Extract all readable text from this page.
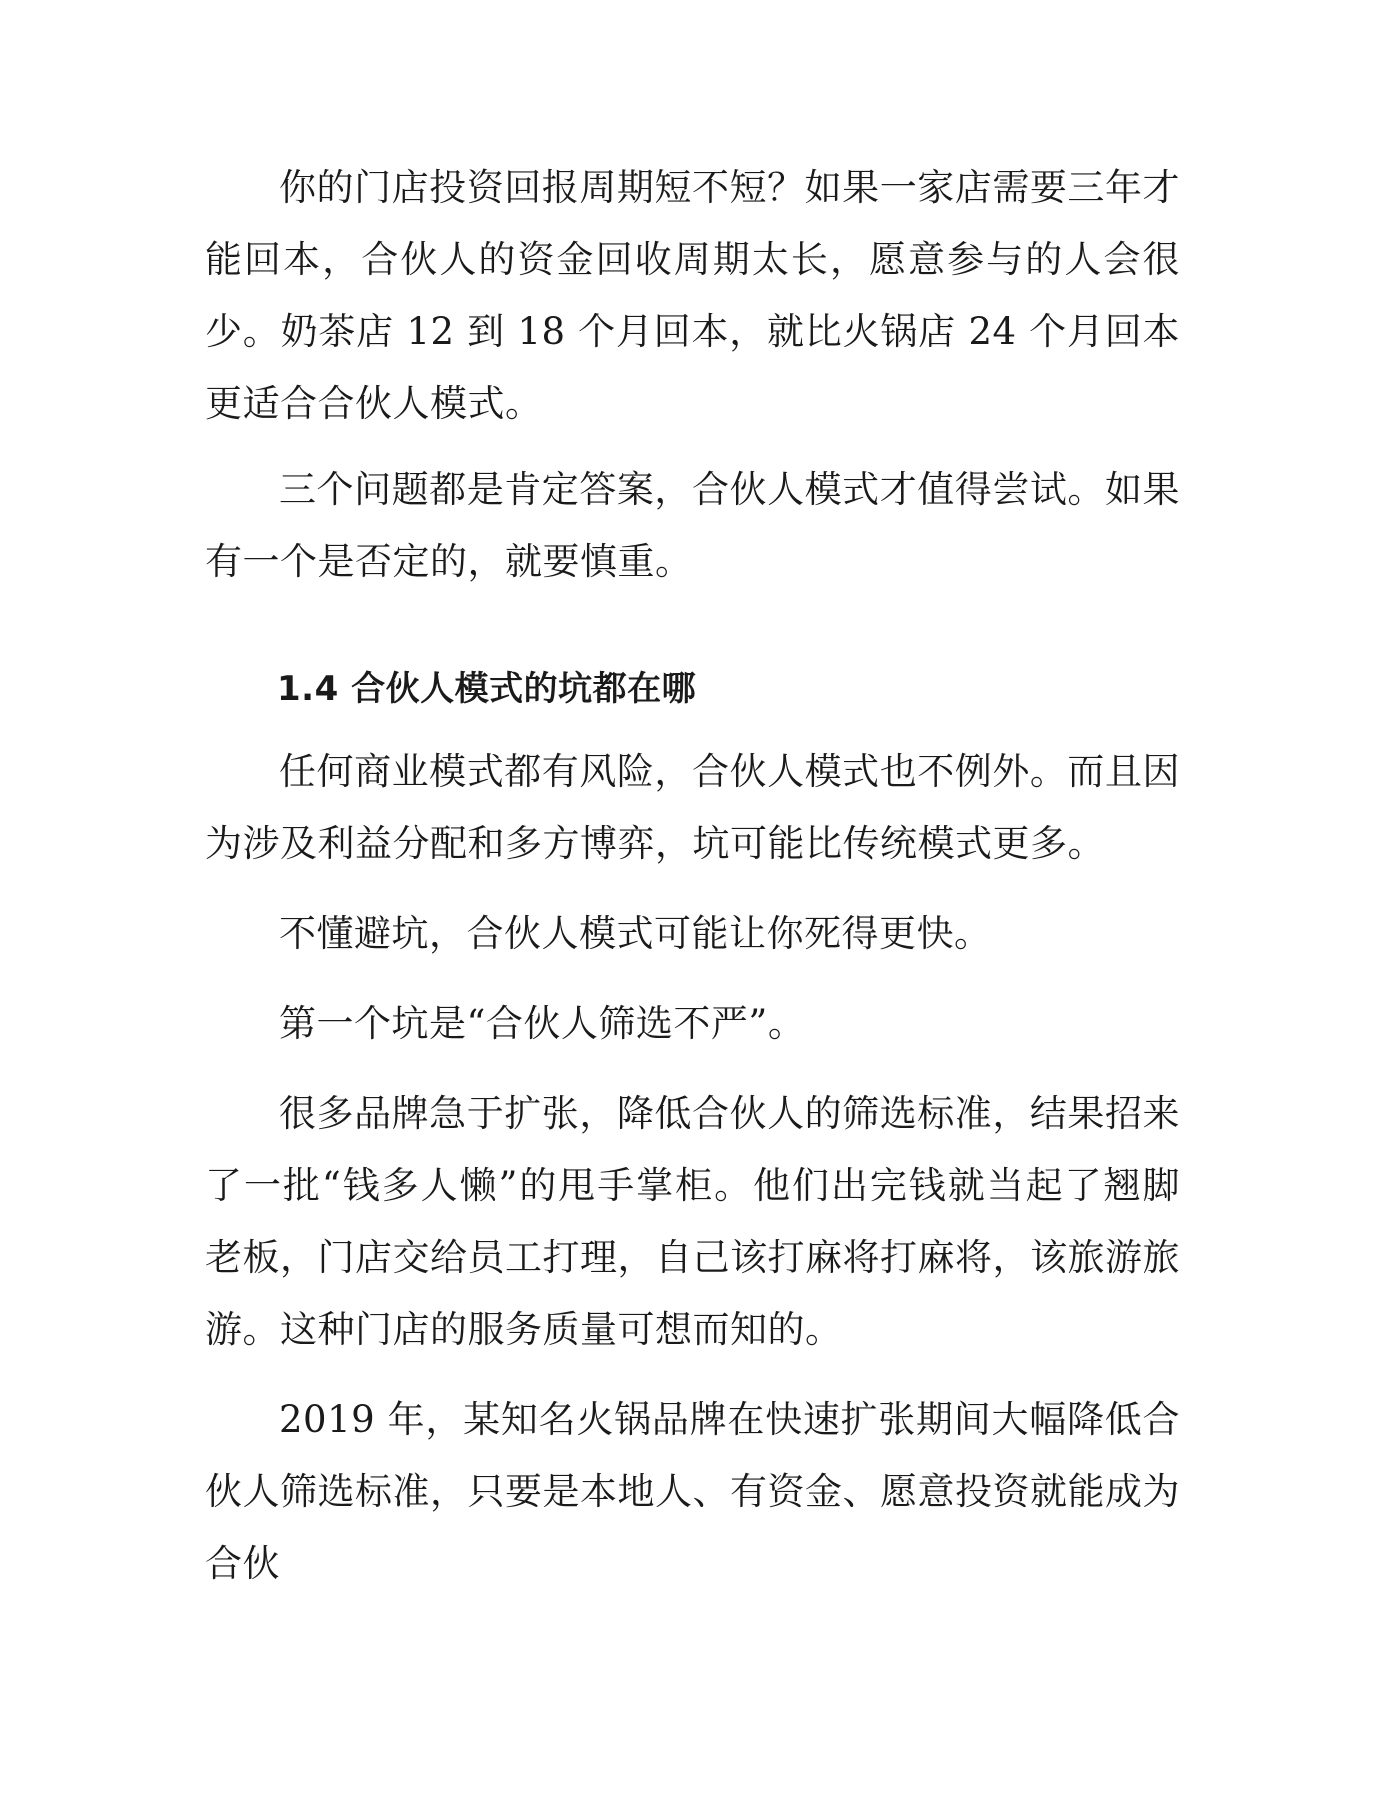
你的门店投资回报周期短不短？如果一家店需要三年才能回本，合伙人的资金回收周期太长，愿意参与的人会很少。奶茶店 12 到 18 个月回本，就比火锅店 24 个月回本更适合合伙人模式。

三个问题都是肯定答案，合伙人模式才值得尝试。如果有一个是否定的，就要慎重。

1.4 合伙人模式的坑都在哪

任何商业模式都有风险，合伙人模式也不例外。而且因为涉及利益分配和多方博弈，坑可能比传统模式更多。

不懂避坑，合伙人模式可能让你死得更快。

第一个坑是“合伙人筛选不严”。

很多品牌急于扩张，降低合伙人的筛选标准，结果招来了一批“钱多人懒”的甩手掌柜。他们出完钱就当起了翘脚老板，门店交给员工打理，自己该打麻将打麻将，该旅游旅游。这种门店的服务质量可想而知的。

2019 年，某知名火锅品牌在快速扩张期间大幅降低合伙人筛选标准，只要是本地人、有资金、愿意投资就能成为合伙
